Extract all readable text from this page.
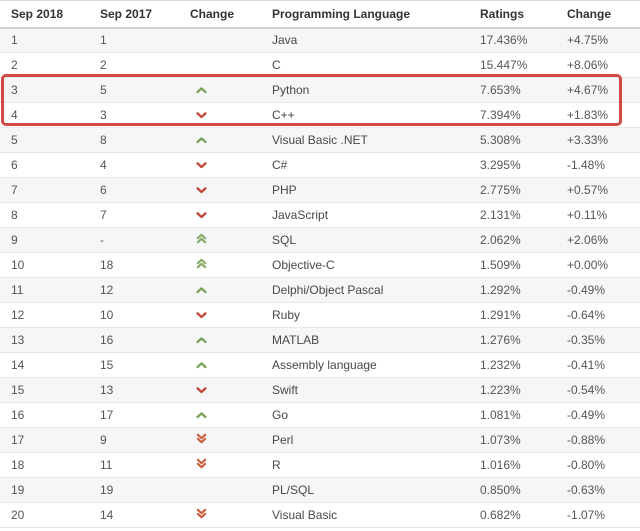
Sep 2018	Sep 2017	Change	Programming Language	Ratings	Change
1	1		Java	17.436%	+4.75%
2	2		C	15.447%	+8.06%
3	5		Python	7.653%	+4.67%
4	3		C++	7.394%	+1.83%
5	8		Visual Basic .NET	5.308%	+3.33%
6	4		C#	3.295%	-1.48%
7	6		PHP	2.775%	+0.57%
8	7		JavaScript	2.131%	+0.11%
9	-		SQL	2.062%	+2.06%
10	18		Objective-C	1.509%	+0.00%
11	12		Delphi/Object Pascal	1.292%	-0.49%
12	10		Ruby	1.291%	-0.64%
13	16		MATLAB	1.276%	-0.35%
14	15		Assembly language	1.232%	-0.41%
15	13		Swift	1.223%	-0.54%
16	17		Go	1.081%	-0.49%
17	9		Perl	1.073%	-0.88%
18	11		R	1.016%	-0.80%
19	19		PL/SQL	0.850%	-0.63%
20	14		Visual Basic	0.682%	-1.07%
